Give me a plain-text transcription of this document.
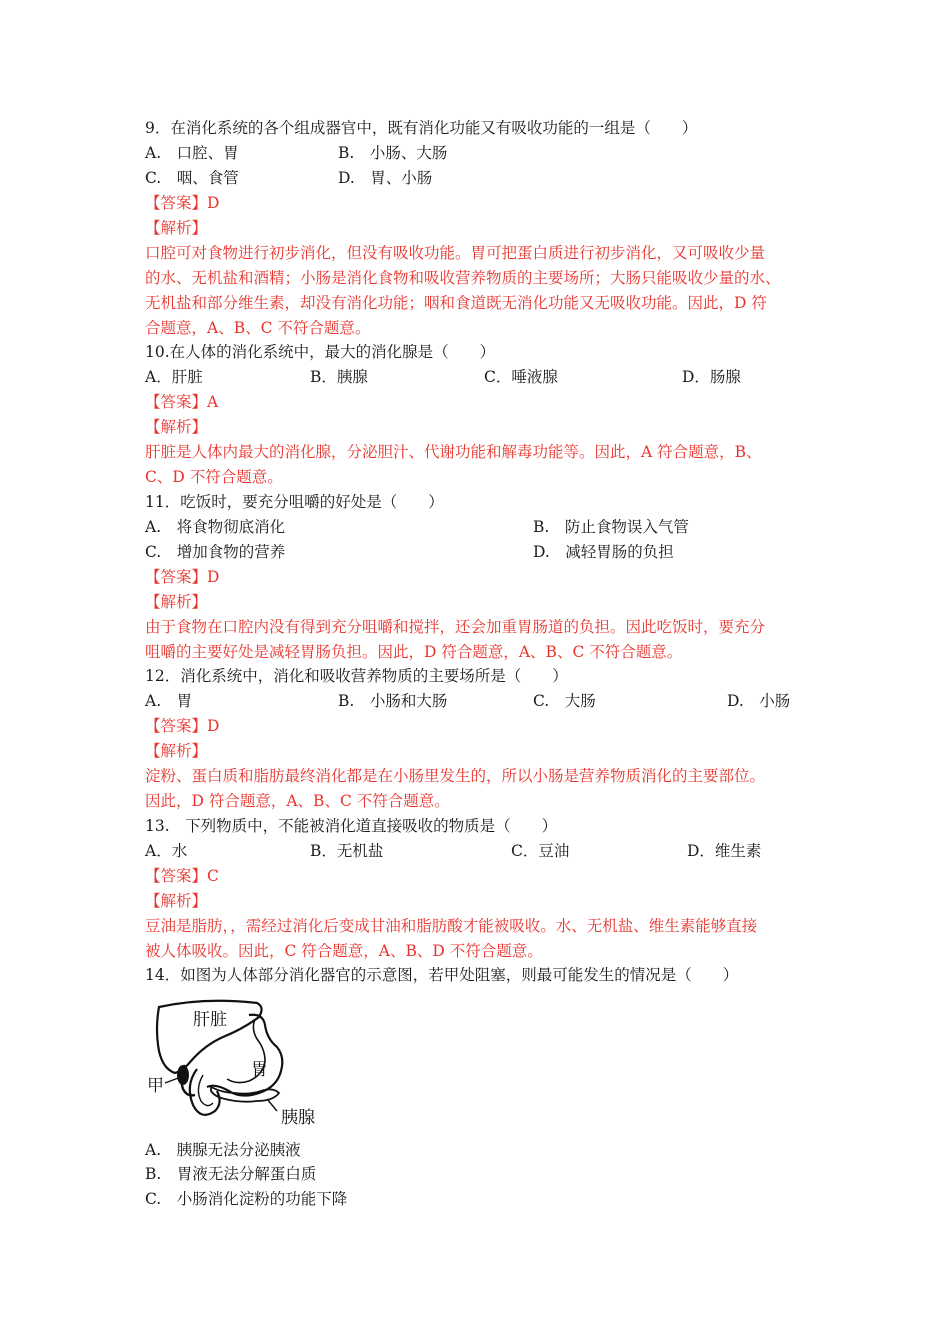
9．在消化系统的各个组成器官中，既有消化功能又有吸收功能的一组是（　　）
A.　口腔、胃	B.　小肠、大肠
C.　咽、食管	D.　胃、小肠
【答案】D
【解析】
口腔可对食物进行初步消化，但没有吸收功能。胃可把蛋白质进行初步消化，又可吸收少量
的水、无机盐和酒精；小肠是消化食物和吸收营养物质的主要场所；大肠只能吸收少量的水、
无机盐和部分维生素，却没有消化功能；咽和食道既无消化功能又无吸收功能。因此，D 符
合题意，A、B、C 不符合题意。
10.在人体的消化系统中，最大的消化腺是（　　）
A．肝脏	B．胰腺	C．唾液腺	D．肠腺
【答案】A
【解析】
肝脏是人体内最大的消化腺，分泌胆汁、代谢功能和解毒功能等。因此，A 符合题意，B、
C、D 不符合题意。
11．吃饭时，要充分咀嚼的好处是（　　）
A.　将食物彻底消化	B.　防止食物误入气管
C.　增加食物的营养	D.　减轻胃肠的负担
【答案】D
【解析】
由于食物在口腔内没有得到充分咀嚼和搅拌，还会加重胃肠道的负担。因此吃饭时，要充分
咀嚼的主要好处是减轻胃肠负担。因此，D 符合题意，A、B、C 不符合题意。
12．消化系统中，消化和吸收营养物质的主要场所是（　　）
A.　胃	B.　小肠和大肠	C.　大肠	D.　小肠
【答案】D
【解析】
淀粉、蛋白质和脂肪最终消化都是在小肠里发生的，所以小肠是营养物质消化的主要部位。
因此，D 符合题意，A、B、C 不符合题意。
13.　下列物质中，不能被消化道直接吸收的物质是（　　）
A．水	B．无机盐	C．豆油	D．维生素
【答案】C
【解析】
豆油是脂肪，，需经过消化后变成甘油和脂肪酸才能被吸收。水、无机盐、维生素能够直接
被人体吸收。因此，C 符合题意，A、B、D 不符合题意。
14．如图为人体部分消化器官的示意图，若甲处阻塞，则最可能发生的情况是（　　）
肝脏
胃
甲
胰腺
A.　胰腺无法分泌胰液
B.　胃液无法分解蛋白质
C.　小肠消化淀粉的功能下降
